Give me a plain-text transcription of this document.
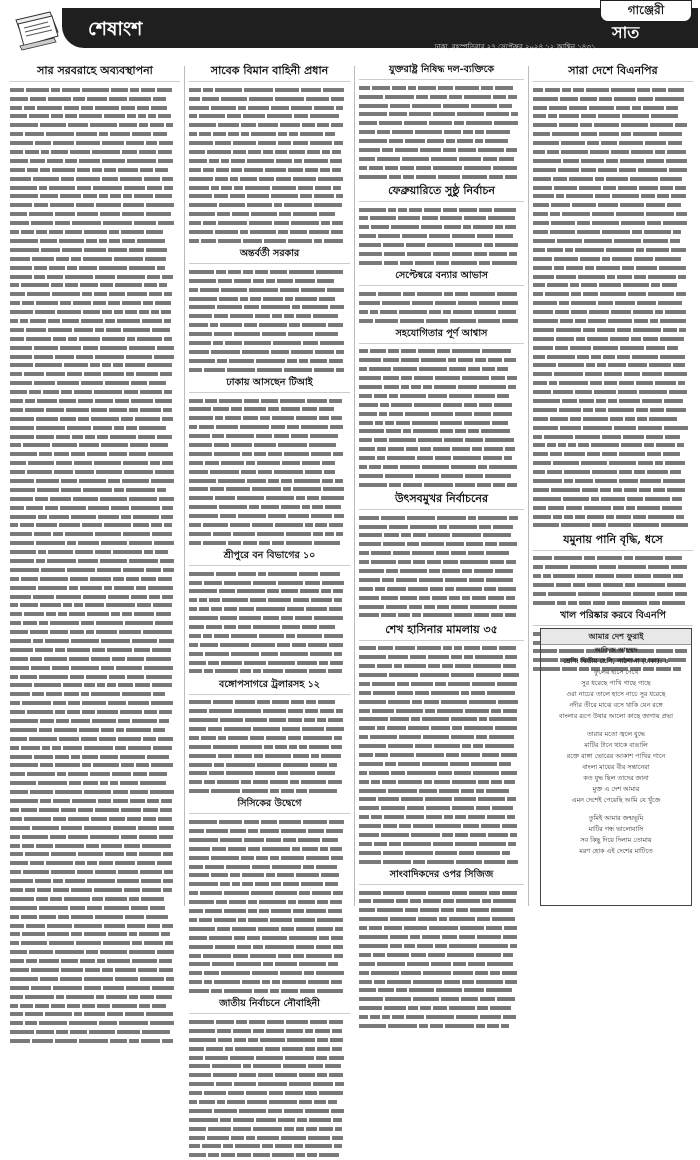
শেষাংশ
গাঞ্জেরী
সাত
ঢাকা, বৃহস্পতিবার ২৭ সেপ্টেম্বর ২০২৪ ১২ আশ্বিন ১৪৩১
সার সরবরাহে অব্যবস্থাপনা	সাবেক বিমান বাহিনী প্রধান
অন্তর্বর্তী সরকার
ঢাকায় আসছেন টিআই
শ্রীপুরে বন বিভাগের ১০
বঙ্গোপসাগরে ট্রলারসহ ১২
সিসিকের উদ্বেগে
জাতীয় নির্বাচনে নৌবাহিনী
যুক্তরাষ্ট্র নিষিদ্ধ দল-ব্যক্তিকে
ফেব্রুয়ারিতে সুষ্ঠু নির্বাচন
সেপ্টেম্বরে বন্যার আভাস
সহযোগিতার পূর্ণ আশ্বাস
উৎসবমুখর নির্বাচনের
শেখ হাসিনার মামলায় ৩৫
সাংবাদিকদের ওপর সিজিজ
সারা দেশে বিএনপির
যমুনায় পানি বৃদ্ধি, ধসে
খাল পরিষ্কার করবে বিএনপি
আমার দেশ ফুরাই
আজিজ আহম্মদ
শ্রেণি: দ্বিতীয় শ্রেণি, পাঠশালা (ঢাকা): ৪
ফুলের হাসে দেখে
সুর ধরেছে পাখি গাছে গাছে
ওরা নাচের তালে হাসে নাচে সুর ধরেছে
নদীর তীরে মাঝে বসে থাকি যেন রঙ্গে
বাংলার রূপে উষার আলো কাছে জাগায় প্রভা
তারার মতো জ্বলে যুদ্ধে
মাটির টানে থাকে বাঙালি
রক্তে রাঙ্গা ভোরের আকাশ পাখির গানে
বাংলা মায়ের বীর সন্তানেরা
কত যুদ্ধ ছিল তাদের জানা
মুক্ত এ দেশ আমার
এমন দেশেই পেয়েছি আমি যে খুঁজে
তুমিই আমার জন্মভূমি
মাটির গন্ধ ভালোবাসি
সব কিছু দিয়ে দিলাম তোমায়
মরণ হোক এই দেশের মাটিতে
